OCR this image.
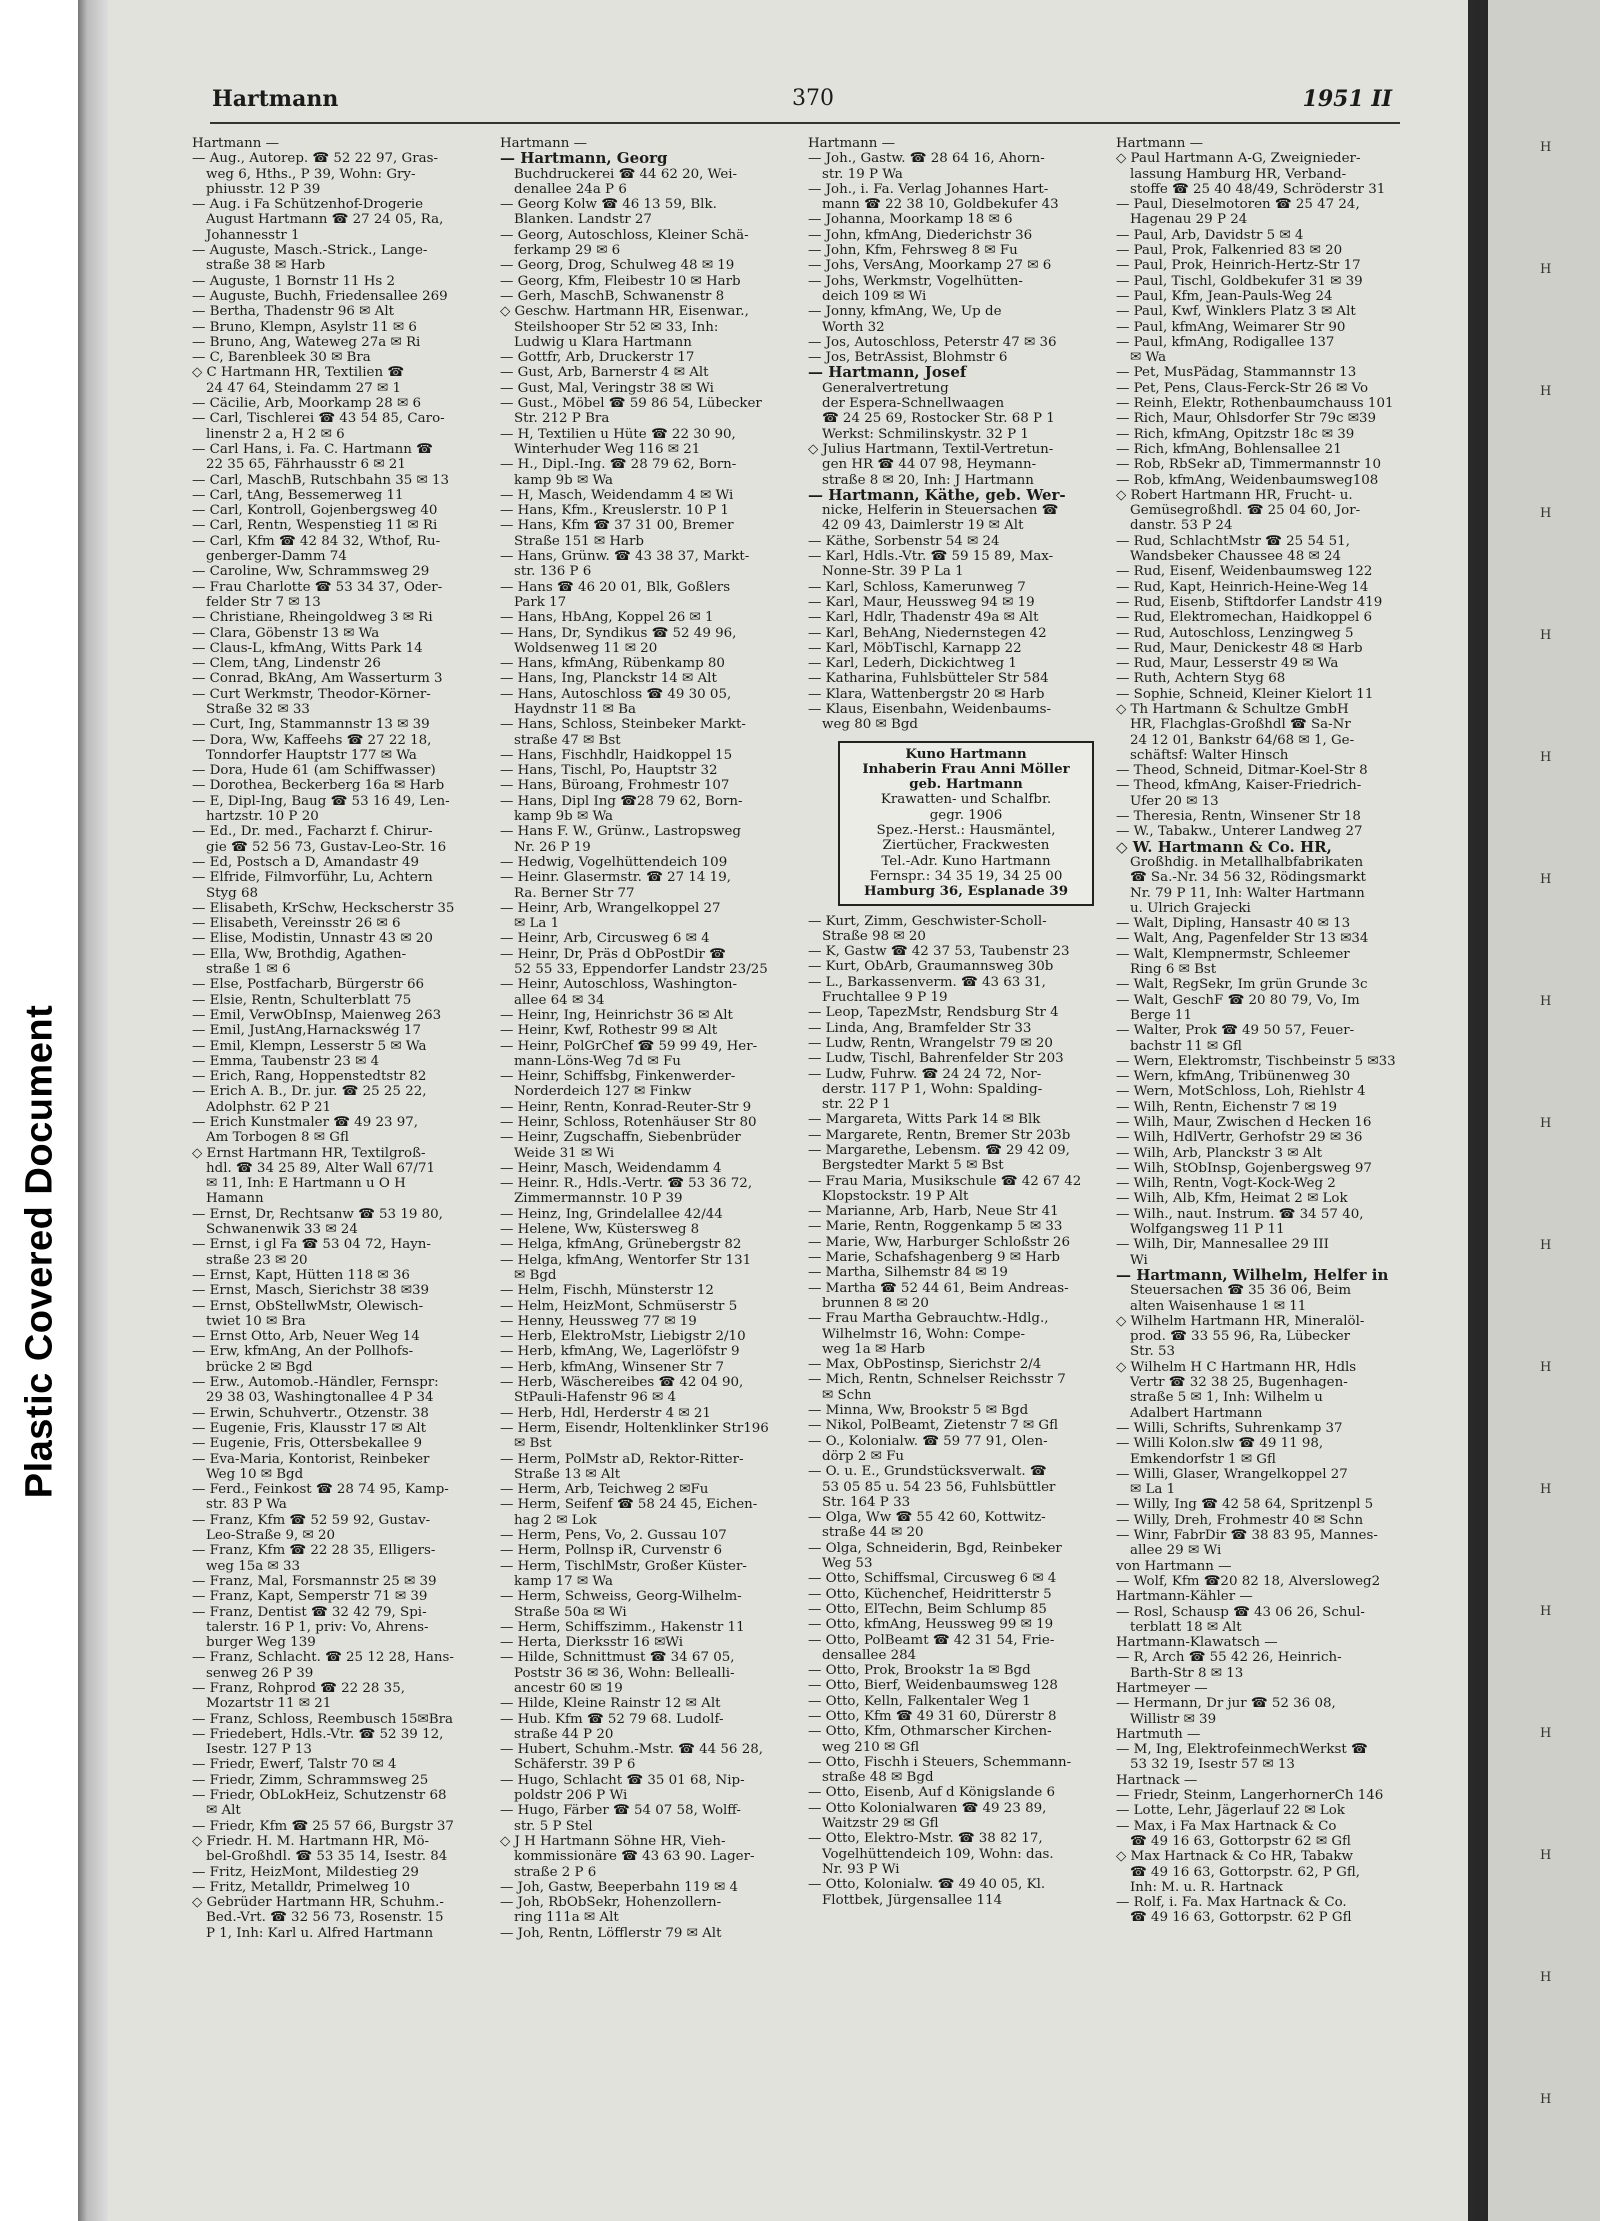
Plastic Covered Document
H
H
H
H
H
H
H
H
H
H
H
H
H
H
H
H
H
Hartmann	370	1951 II
Hartmann —
— Aug., Autorep. ☎ 52 22 97, Gras-
weg 6, Hths., P 39, Wohn: Gry-
phiusstr. 12 P 39
— Aug. i Fa Schützenhof-Drogerie
August Hartmann ☎ 27 24 05, Ra,
Johannesstr 1
— Auguste, Masch.-Strick., Lange-
straße 38 ✉ Harb
— Auguste, 1 Bornstr 11 Hs 2
— Auguste, Buchh, Friedensallee 269
— Bertha, Thadenstr 96 ✉ Alt
— Bruno, Klempn, Asylstr 11 ✉ 6
— Bruno, Ang, Wateweg 27a ✉ Ri
— C, Barenbleek 30 ✉ Bra
◇ C Hartmann HR, Textilien ☎
24 47 64, Steindamm 27 ✉ 1
— Cäcilie, Arb, Moorkamp 28 ✉ 6
— Carl, Tischlerei ☎ 43 54 85, Caro-
linenstr 2 a, H 2 ✉ 6
— Carl Hans, i. Fa. C. Hartmann ☎
22 35 65, Fährhausstr 6 ✉ 21
— Carl, MaschB, Rutschbahn 35 ✉ 13
— Carl, tAng, Bessemerweg 11
— Carl, Kontroll, Gojenbergsweg 40
— Carl, Rentn, Wespenstieg 11 ✉ Ri
— Carl, Kfm ☎ 42 84 32, Wthof, Ru-
genberger-Damm 74
— Caroline, Ww, Schrammsweg 29
— Frau Charlotte ☎ 53 34 37, Oder-
felder Str 7 ✉ 13
— Christiane, Rheingoldweg 3 ✉ Ri
— Clara, Göbenstr 13 ✉ Wa
— Claus-L, kfmAng, Witts Park 14
— Clem, tAng, Lindenstr 26
— Conrad, BkAng, Am Wasserturm 3
— Curt Werkmstr, Theodor-Körner-
Straße 32 ✉ 33
— Curt, Ing, Stammannstr 13 ✉ 39
— Dora, Ww, Kaffeehs ☎ 27 22 18,
Tonndorfer Hauptstr 177 ✉ Wa
— Dora, Hude 61 (am Schiffwasser)
— Dorothea, Beckerberg 16a ✉ Harb
— E, Dipl-Ing, Baug ☎ 53 16 49, Len-
hartzstr. 10 P 20
— Ed., Dr. med., Facharzt f. Chirur-
gie ☎ 52 56 73, Gustav-Leo-Str. 16
— Ed, Postsch a D, Amandastr 49
— Elfride, Filmvorführ, Lu, Achtern
Styg 68
— Elisabeth, KrSchw, Heckscherstr 35
— Elisabeth, Vereinsstr 26 ✉ 6
— Elise, Modistin, Unnastr 43 ✉ 20
— Ella, Ww, Brothdig, Agathen-
straße 1 ✉ 6
— Else, Postfacharb, Bürgerstr 66
— Elsie, Rentn, Schulterblatt 75
— Emil, VerwObInsp, Maienweg 263
— Emil, JustAng,Harnackswég 17
— Emil, Klempn, Lesserstr 5 ✉ Wa
— Emma, Taubenstr 23 ✉ 4
— Erich, Rang, Hoppenstedtstr 82
— Erich A. B., Dr. jur. ☎ 25 25 22,
Adolphstr. 62 P 21
— Erich Kunstmaler ☎ 49 23 97,
Am Torbogen 8 ✉ Gfl
◇ Ernst Hartmann HR, Textilgroß-
hdl. ☎ 34 25 89, Alter Wall 67/71
✉ 11, Inh: E Hartmann u O H
Hamann
— Ernst, Dr, Rechtsanw ☎ 53 19 80,
Schwanenwik 33 ✉ 24
— Ernst, i gl Fa ☎ 53 04 72, Hayn-
straße 23 ✉ 20
— Ernst, Kapt, Hütten 118 ✉ 36
— Ernst, Masch, Sierichstr 38 ✉39
— Ernst, ObStellwMstr, Olewisch-
twiet 10 ✉ Bra
— Ernst Otto, Arb, Neuer Weg 14
— Erw, kfmAng, An der Pollhofs-
brücke 2 ✉ Bgd
— Erw., Automob.-Händler, Fernspr:
29 38 03, Washingtonallee 4 P 34
— Erwin, Schuhvertr., Otzenstr. 38
— Eugenie, Fris, Klausstr 17 ✉ Alt
— Eugenie, Fris, Ottersbekallee 9
— Eva-Maria, Kontorist, Reinbeker
Weg 10 ✉ Bgd
— Ferd., Feinkost ☎ 28 74 95, Kamp-
str. 83 P Wa
— Franz, Kfm ☎ 52 59 92, Gustav-
Leo-Straße 9, ✉ 20
— Franz, Kfm ☎ 22 28 35, Elligers-
weg 15a ✉ 33
— Franz, Mal, Forsmannstr 25 ✉ 39
— Franz, Kapt, Semperstr 71 ✉ 39
— Franz, Dentist ☎ 32 42 79, Spi-
talerstr. 16 P 1, priv: Vo, Ahrens-
burger Weg 139
— Franz, Schlacht. ☎ 25 12 28, Hans-
senweg 26 P 39
— Franz, Rohprod ☎ 22 28 35,
Mozartstr 11 ✉ 21
— Franz, Schloss, Reembusch 15✉Bra
— Friedebert, Hdls.-Vtr. ☎ 52 39 12,
Isestr. 127 P 13
— Friedr, Ewerf, Talstr 70 ✉ 4
— Friedr, Zimm, Schrammsweg 25
— Friedr, ObLokHeiz, Schutzenstr 68
✉ Alt
— Friedr, Kfm ☎ 25 57 66, Burgstr 37
◇ Friedr. H. M. Hartmann HR, Mö-
bel-Großhdl. ☎ 53 35 14, Isestr. 84
— Fritz, HeizMont, Mildestieg 29
— Fritz, Metalldr, Primelweg 10
◇ Gebrüder Hartmann HR, Schuhm.-
Bed.-Vrt. ☎ 32 56 73, Rosenstr. 15
P 1, Inh: Karl u. Alfred Hartmann
Hartmann —
— Hartmann, Georg
Buchdruckerei ☎ 44 62 20, Wei-
denallee 24a P 6
— Georg Kolw ☎ 46 13 59, Blk.
Blanken. Landstr 27
— Georg, Autoschloss, Kleiner Schä-
ferkamp 29 ✉ 6
— Georg, Drog, Schulweg 48 ✉ 19
— Georg, Kfm, Fleibestr 10 ✉ Harb
— Gerh, MaschB, Schwanenstr 8
◇ Geschw. Hartmann HR, Eisenwar.,
Steilshooper Str 52 ✉ 33, Inh:
Ludwig u Klara Hartmann
— Gottfr, Arb, Druckerstr 17
— Gust, Arb, Barnerstr 4 ✉ Alt
— Gust, Mal, Veringstr 38 ✉ Wi
— Gust., Möbel ☎ 59 86 54, Lübecker
Str. 212 P Bra
— H, Textilien u Hüte ☎ 22 30 90,
Winterhuder Weg 116 ✉ 21
— H., Dipl.-Ing. ☎ 28 79 62, Born-
kamp 9b ✉ Wa
— H, Masch, Weidendamm 4 ✉ Wi
— Hans, Kfm., Kreuslerstr. 10 P 1
— Hans, Kfm ☎ 37 31 00, Bremer
Straße 151 ✉ Harb
— Hans, Grünw. ☎ 43 38 37, Markt-
str. 136 P 6
— Hans ☎ 46 20 01, Blk, Goßlers
Park 17
— Hans, HbAng, Koppel 26 ✉ 1
— Hans, Dr, Syndikus ☎ 52 49 96,
Woldsenweg 11 ✉ 20
— Hans, kfmAng, Rübenkamp 80
— Hans, Ing, Planckstr 14 ✉ Alt
— Hans, Autoschloss ☎ 49 30 05,
Haydnstr 11 ✉ Ba
— Hans, Schloss, Steinbeker Markt-
straße 47 ✉ Bst
— Hans, Fischhdlr, Haidkoppel 15
— Hans, Tischl, Po, Hauptstr 32
— Hans, Büroang, Frohmestr 107
— Hans, Dipl Ing ☎28 79 62, Born-
kamp 9b ✉ Wa
— Hans F. W., Grünw., Lastropsweg
Nr. 26 P 19
— Hedwig, Vogelhüttendeich 109
— Heinr. Glasermstr. ☎ 27 14 19,
Ra. Berner Str 77
— Heinr, Arb, Wrangelkoppel 27
✉ La 1
— Heinr, Arb, Circusweg 6 ✉ 4
— Heinr, Dr, Präs d ObPostDir ☎
52 55 33, Eppendorfer Landstr 23/25
— Heinr, Autoschloss, Washington-
allee 64 ✉ 34
— Heinr, Ing, Heinrichstr 36 ✉ Alt
— Heinr, Kwf, Rothestr 99 ✉ Alt
— Heinr, PolGrChef ☎ 59 99 49, Her-
mann-Löns-Weg 7d ✉ Fu
— Heinr, Schiffsbg, Finkenwerder-
Norderdeich 127 ✉ Finkw
— Heinr, Rentn, Konrad-Reuter-Str 9
— Heinr, Schloss, Rotenhäuser Str 80
— Heinr, Zugschaffn, Siebenbrüder
Weide 31 ✉ Wi
— Heinr, Masch, Weidendamm 4
— Heinr. R., Hdls.-Vertr. ☎ 53 36 72,
Zimmermannstr. 10 P 39
— Heinz, Ing, Grindelallee 42/44
— Helene, Ww, Küstersweg 8
— Helga, kfmAng, Grünebergstr 82
— Helga, kfmAng, Wentorfer Str 131
✉ Bgd
— Helm, Fischh, Münsterstr 12
— Helm, HeizMont, Schmüserstr 5
— Henny, Heussweg 77 ✉ 19
— Herb, ElektroMstr, Liebigstr 2/10
— Herb, kfmAng, We, Lagerlöfstr 9
— Herb, kfmAng, Winsener Str 7
— Herb, Wäschereibes ☎ 42 04 90,
StPauli-Hafenstr 96 ✉ 4
— Herb, Hdl, Herderstr 4 ✉ 21
— Herm, Eisendr, Holtenklinker Str196
✉ Bst
— Herm, PolMstr aD, Rektor-Ritter-
Straße 13 ✉ Alt
— Herm, Arb, Teichweg 2 ✉Fu
— Herm, Seifenf ☎ 58 24 45, Eichen-
hag 2 ✉ Lok
— Herm, Pens, Vo, 2. Gussau 107
— Herm, Pollnsp iR, Curvenstr 6
— Herm, TischlMstr, Großer Küster-
kamp 17 ✉ Wa
— Herm, Schweiss, Georg-Wilhelm-
Straße 50a ✉ Wi
— Herm, Schiffszimm., Hakenstr 11
— Herta, Dierksstr 16 ✉Wi
— Hilde, Schnittmust ☎ 34 67 05,
Poststr 36 ✉ 36, Wohn: Bellealli-
ancestr 60 ✉ 19
— Hilde, Kleine Rainstr 12 ✉ Alt
— Hub. Kfm ☎ 52 79 68. Ludolf-
straße 44 P 20
— Hubert, Schuhm.-Mstr. ☎ 44 56 28,
Schäferstr. 39 P 6
— Hugo, Schlacht ☎ 35 01 68, Nip-
poldstr 206 P Wi
— Hugo, Färber ☎ 54 07 58, Wolff-
str. 5 P Stel
◇ J H Hartmann Söhne HR, Vieh-
kommissionäre ☎ 43 63 90. Lager-
straße 2 P 6
— Joh, Gastw, Beeperbahn 119 ✉ 4
— Joh, RbObSekr, Hohenzollern-
ring 111a ✉ Alt
— Joh, Rentn, Löfflerstr 79 ✉ Alt
Hartmann —
— Joh., Gastw. ☎ 28 64 16, Ahorn-
str. 19 P Wa
— Joh., i. Fa. Verlag Johannes Hart-
mann ☎ 22 38 10, Goldbekufer 43
— Johanna, Moorkamp 18 ✉ 6
— John, kfmAng, Diederichstr 36
— John, Kfm, Fehrsweg 8 ✉ Fu
— Johs, VersAng, Moorkamp 27 ✉ 6
— Johs, Werkmstr, Vogelhütten-
deich 109 ✉ Wi
— Jonny, kfmAng, We, Up de
Worth 32
— Jos, Autoschloss, Peterstr 47 ✉ 36
— Jos, BetrAssist, Blohmstr 6
— Hartmann, Josef
Generalvertretung
der Espera-Schnellwaagen
☎ 24 25 69, Rostocker Str. 68 P 1
Werkst: Schmilinskystr. 32 P 1
◇ Julius Hartmann, Textil-Vertretun-
gen HR ☎ 44 07 98, Heymann-
straße 8 ✉ 20, Inh: J Hartmann
— Hartmann, Käthe, geb. Wer-
nicke, Helferin in Steuersachen ☎
42 09 43, Daimlerstr 19 ✉ Alt
— Käthe, Sorbenstr 54 ✉ 24
— Karl, Hdls.-Vtr. ☎ 59 15 89, Max-
Nonne-Str. 39 P La 1
— Karl, Schloss, Kamerunweg 7
— Karl, Maur, Heussweg 94 ✉ 19
— Karl, Hdlr, Thadenstr 49a ✉ Alt
— Karl, BehAng, Niedernstegen 42
— Karl, MöbTischl, Karnapp 22
— Karl, Lederh, Dickichtweg 1
— Katharina, Fuhlsbütteler Str 584
— Klara, Wattenbergstr 20 ✉ Harb
— Klaus, Eisenbahn, Weidenbaums-
weg 80 ✉ Bgd
Kuno Hartmann
Inhaberin Frau Anni Möller
geb. Hartmann
Krawatten- und Schalfbr.
gegr. 1906
Spez.-Herst.: Hausmäntel,
Ziertücher, Frackwesten
Tel.-Adr. Kuno Hartmann
Fernspr.: 34 35 19, 34 25 00
Hamburg 36, Esplanade 39
— Kurt, Zimm, Geschwister-Scholl-
Straße 98 ✉ 20
— K, Gastw ☎ 42 37 53, Taubenstr 23
— Kurt, ObArb, Graumannsweg 30b
— L., Barkassenverm. ☎ 43 63 31,
Fruchtallee 9 P 19
— Leop, TapezMstr, Rendsburg Str 4
— Linda, Ang, Bramfelder Str 33
— Ludw, Rentn, Wrangelstr 79 ✉ 20
— Ludw, Tischl, Bahrenfelder Str 203
— Ludw, Fuhrw. ☎ 24 24 72, Nor-
derstr. 117 P 1, Wohn: Spalding-
str. 22 P 1
— Margareta, Witts Park 14 ✉ Blk
— Margarete, Rentn, Bremer Str 203b
— Margarethe, Lebensm. ☎ 29 42 09,
Bergstedter Markt 5 ✉ Bst
— Frau Maria, Musikschule ☎ 42 67 42
Klopstockstr. 19 P Alt
— Marianne, Arb, Harb, Neue Str 41
— Marie, Rentn, Roggenkamp 5 ✉ 33
— Marie, Ww, Harburger Schloßstr 26
— Marie, Schafshagenberg 9 ✉ Harb
— Martha, Silhemstr 84 ✉ 19
— Martha ☎ 52 44 61, Beim Andreas-
brunnen 8 ✉ 20
— Frau Martha Gebrauchtw.-Hdlg.,
Wilhelmstr 16, Wohn: Compe-
weg 1a ✉ Harb
— Max, ObPostinsp, Sierichstr 2/4
— Mich, Rentn, Schnelser Reichsstr 7
✉ Schn
— Minna, Ww, Brookstr 5 ✉ Bgd
— Nikol, PolBeamt, Zietenstr 7 ✉ Gfl
— O., Kolonialw. ☎ 59 77 91, Olen-
dörp 2 ✉ Fu
— O. u. E., Grundstücksverwalt. ☎
53 05 85 u. 54 23 56, Fuhlsbüttler
Str. 164 P 33
— Olga, Ww ☎ 55 42 60, Kottwitz-
straße 44 ✉ 20
— Olga, Schneiderin, Bgd, Reinbeker
Weg 53
— Otto, Schiffsmal, Circusweg 6 ✉ 4
— Otto, Küchenchef, Heidritterstr 5
— Otto, ElTechn, Beim Schlump 85
— Otto, kfmAng, Heussweg 99 ✉ 19
— Otto, PolBeamt ☎ 42 31 54, Frie-
densallee 284
— Otto, Prok, Brookstr 1a ✉ Bgd
— Otto, Bierf, Weidenbaumsweg 128
— Otto, Kelln, Falkentaler Weg 1
— Otto, Kfm ☎ 49 31 60, Dürerstr 8
— Otto, Kfm, Othmarscher Kirchen-
weg 210 ✉ Gfl
— Otto, Fischh i Steuers, Schemmann-
straße 48 ✉ Bgd
— Otto, Eisenb, Auf d Königslande 6
— Otto Kolonialwaren ☎ 49 23 89,
Waitzstr 29 ✉ Gfl
— Otto, Elektro-Mstr. ☎ 38 82 17,
Vogelhüttendeich 109, Wohn: das.
Nr. 93 P Wi
— Otto, Kolonialw. ☎ 49 40 05, Kl.
Flottbek, Jürgensallee 114
Hartmann —
◇ Paul Hartmann A-G, Zweignieder-
lassung Hamburg HR, Verband-
stoffe ☎ 25 40 48/49, Schröderstr 31
— Paul, Dieselmotoren ☎ 25 47 24,
Hagenau 29 P 24
— Paul, Arb, Davidstr 5 ✉ 4
— Paul, Prok, Falkenried 83 ✉ 20
— Paul, Prok, Heinrich-Hertz-Str 17
— Paul, Tischl, Goldbekufer 31 ✉ 39
— Paul, Kfm, Jean-Pauls-Weg 24
— Paul, Kwf, Winklers Platz 3 ✉ Alt
— Paul, kfmAng, Weimarer Str 90
— Paul, kfmAng, Rodigallee 137
✉ Wa
— Pet, MusPädag, Stammannstr 13
— Pet, Pens, Claus-Ferck-Str 26 ✉ Vo
— Reinh, Elektr, Rothenbaumchauss 101
— Rich, Maur, Ohlsdorfer Str 79c ✉39
— Rich, kfmAng, Opitzstr 18c ✉ 39
— Rich, kfmAng, Bohlensallee 21
— Rob, RbSekr aD, Timmermannstr 10
— Rob, kfmAng, Weidenbaumsweg108
◇ Robert Hartmann HR, Frucht- u.
Gemüsegroßhdl. ☎ 25 04 60, Jor-
danstr. 53 P 24
— Rud, SchlachtMstr ☎ 25 54 51,
Wandsbeker Chaussee 48 ✉ 24
— Rud, Eisenf, Weidenbaumsweg 122
— Rud, Kapt, Heinrich-Heine-Weg 14
— Rud, Eisenb, Stiftdorfer Landstr 419
— Rud, Elektromechan, Haidkoppel 6
— Rud, Autoschloss, Lenzingweg 5
— Rud, Maur, Denickestr 48 ✉ Harb
— Rud, Maur, Lesserstr 49 ✉ Wa
— Ruth, Achtern Styg 68
— Sophie, Schneid, Kleiner Kielort 11
◇ Th Hartmann & Schultze GmbH
HR, Flachglas-Großhdl ☎ Sa-Nr
24 12 01, Bankstr 64/68 ✉ 1, Ge-
schäftsf: Walter Hinsch
— Theod, Schneid, Ditmar-Koel-Str 8
— Theod, kfmAng, Kaiser-Friedrich-
Ufer 20 ✉ 13
— Theresia, Rentn, Winsener Str 18
— W., Tabakw., Unterer Landweg 27
◇ W. Hartmann & Co. HR,
Großhdig. in Metallhalbfabrikaten
☎ Sa.-Nr. 34 56 32, Rödingsmarkt
Nr. 79 P 11, Inh: Walter Hartmann
u. Ulrich Grajecki
— Walt, Dipling, Hansastr 40 ✉ 13
— Walt, Ang, Pagenfelder Str 13 ✉34
— Walt, Klempnermstr, Schleemer
Ring 6 ✉ Bst
— Walt, RegSekr, Im grün Grunde 3c
— Walt, GeschF ☎ 20 80 79, Vo, Im
Berge 11
— Walter, Prok ☎ 49 50 57, Feuer-
bachstr 11 ✉ Gfl
— Wern, Elektromstr, Tischbeinstr 5 ✉33
— Wern, kfmAng, Tribünenweg 30
— Wern, MotSchloss, Loh, Riehlstr 4
— Wilh, Rentn, Eichenstr 7 ✉ 19
— Wilh, Maur, Zwischen d Hecken 16
— Wilh, HdlVertr, Gerhofstr 29 ✉ 36
— Wilh, Arb, Planckstr 3 ✉ Alt
— Wilh, StObInsp, Gojenbergsweg 97
— Wilh, Rentn, Vogt-Kock-Weg 2
— Wilh, Alb, Kfm, Heimat 2 ✉ Lok
— Wilh., naut. Instrum. ☎ 34 57 40,
Wolfgangsweg 11 P 11
— Wilh, Dir, Mannesallee 29 III
Wi
— Hartmann, Wilhelm, Helfer in
Steuersachen ☎ 35 36 06, Beim
alten Waisenhause 1 ✉ 11
◇ Wilhelm Hartmann HR, Mineralöl-
prod. ☎ 33 55 96, Ra, Lübecker
Str. 53
◇ Wilhelm H C Hartmann HR, Hdls
Vertr ☎ 32 38 25, Bugenhagen-
straße 5 ✉ 1, Inh: Wilhelm u
Adalbert Hartmann
— Willi, Schrifts, Suhrenkamp 37
— Willi Kolon.slw ☎ 49 11 98,
Emkendorfstr 1 ✉ Gfl
— Willi, Glaser, Wrangelkoppel 27
✉ La 1
— Willy, Ing ☎ 42 58 64, Spritzenpl 5
— Willy, Dreh, Frohmestr 40 ✉ Schn
— Winr, FabrDir ☎ 38 83 95, Mannes-
allee 29 ✉ Wi
von Hartmann —
— Wolf, Kfm ☎20 82 18, Alversloweg2
Hartmann-Kähler —
— Rosl, Schausp ☎ 43 06 26, Schul-
terblatt 18 ✉ Alt
Hartmann-Klawatsch —
— R, Arch ☎ 55 42 26, Heinrich-
Barth-Str 8 ✉ 13
Hartmeyer —
— Hermann, Dr jur ☎ 52 36 08,
Willistr ✉ 39
Hartmuth —
— M, Ing, ElektrofeinmechWerkst ☎
53 32 19, Isestr 57 ✉ 13
Hartnack —
— Friedr, Steinm, LangerhornerCh 146
— Lotte, Lehr, Jägerlauf 22 ✉ Lok
— Max, i Fa Max Hartnack & Co
☎ 49 16 63, Gottorpstr 62 ✉ Gfl
◇ Max Hartnack & Co HR, Tabakw
☎ 49 16 63, Gottorpstr. 62, P Gfl,
Inh: M. u. R. Hartnack
— Rolf, i. Fa. Max Hartnack & Co.
☎ 49 16 63, Gottorpstr. 62 P Gfl
